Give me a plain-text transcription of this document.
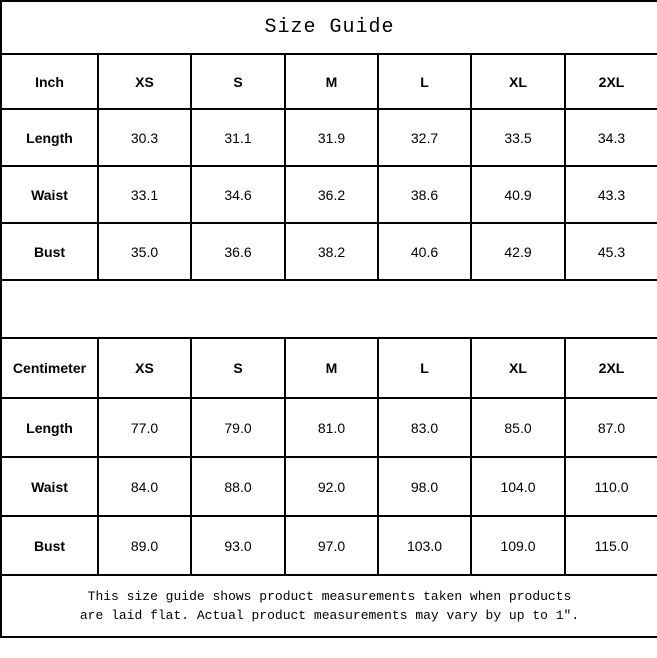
Size Guide						
Inch	XS	S	M	L	XL	2XL
Length	30.3	31.1	31.9	32.7	33.5	34.3
Waist	33.1	34.6	36.2	38.6	40.9	43.3
Bust	35.0	36.6	38.2	40.6	42.9	45.3

Centimeter	XS	S	M	L	XL	2XL
Length	77.0	79.0	81.0	83.0	85.0	87.0
Waist	84.0	88.0	92.0	98.0	104.0	110.0
Bust	89.0	93.0	97.0	103.0	109.0	115.0

This size guide shows product measurements taken when products
are laid flat. Actual product measurements may vary by up to 1″.						
